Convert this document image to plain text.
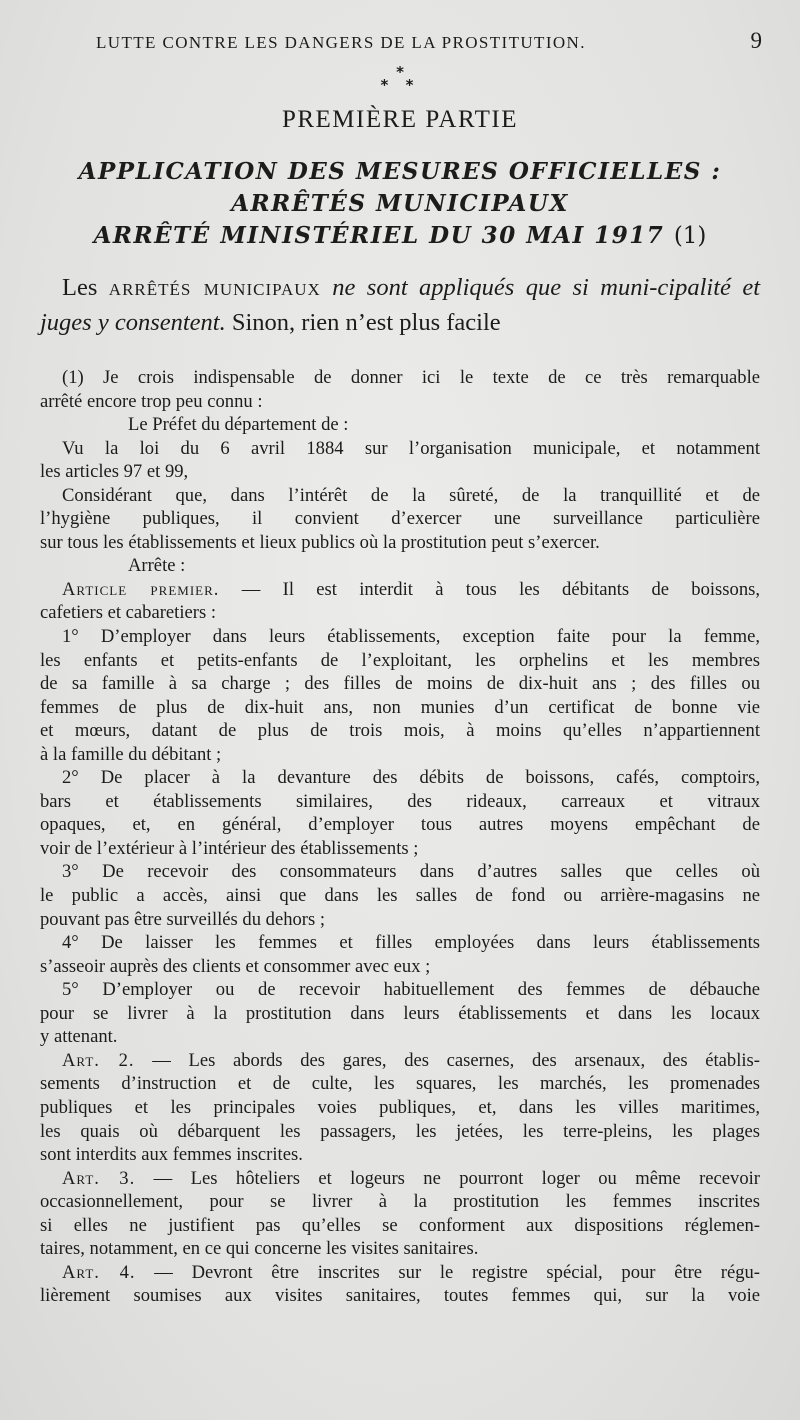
LUTTE CONTRE LES DANGERS DE LA PROSTITUTION.	9
*
* *
PREMIÈRE PARTIE
APPLICATION DES MESURES OFFICIELLES :
ARRÊTÉS MUNICIPAUX
ARRÊTÉ MINISTÉRIEL DU 30 MAI 1917 (1)

Les arrêtés municipaux ne sont appliqués que si muni-cipalité et juges y consentent. Sinon, rien n’est plus facile

(1) Je crois indispensable de donner ici le texte de ce très remarquable
arrêté encore trop peu connu :
Le Préfet du département de :
Vu la loi du 6 avril 1884 sur l’organisation municipale, et notamment
les articles 97 et 99,
Considérant que, dans l’intérêt de la sûreté, de la tranquillité et de
l’hygiène publiques, il convient d’exercer une surveillance particulière
sur tous les établissements et lieux publics où la prostitution peut s’exercer.
Arrête :
Article premier. — Il est interdit à tous les débitants de boissons,
cafetiers et cabaretiers :
1° D’employer dans leurs établissements, exception faite pour la femme,
les enfants et petits-enfants de l’exploitant, les orphelins et les membres
de sa famille à sa charge ; des filles de moins de dix-huit ans ; des filles ou
femmes de plus de dix-huit ans, non munies d’un certificat de bonne vie
et mœurs, datant de plus de trois mois, à moins qu’elles n’appartiennent
à la famille du débitant ;
2° De placer à la devanture des débits de boissons, cafés, comptoirs,
bars et établissements similaires, des rideaux, carreaux et vitraux
opaques, et, en général, d’employer tous autres moyens empêchant de
voir de l’extérieur à l’intérieur des établissements ;
3° De recevoir des consommateurs dans d’autres salles que celles où
le public a accès, ainsi que dans les salles de fond ou arrière-magasins ne
pouvant pas être surveillés du dehors ;
4° De laisser les femmes et filles employées dans leurs établissements
s’asseoir auprès des clients et consommer avec eux ;
5° D’employer ou de recevoir habituellement des femmes de débauche
pour se livrer à la prostitution dans leurs établissements et dans les locaux
y attenant.
Art. 2. — Les abords des gares, des casernes, des arsenaux, des établis-
sements d’instruction et de culte, les squares, les marchés, les promenades
publiques et les principales voies publiques, et, dans les villes maritimes,
les quais où débarquent les passagers, les jetées, les terre-pleins, les plages
sont interdits aux femmes inscrites.
Art. 3. — Les hôteliers et logeurs ne pourront loger ou même recevoir
occasionnellement, pour se livrer à la prostitution les femmes inscrites
si elles ne justifient pas qu’elles se conforment aux dispositions réglemen-
taires, notamment, en ce qui concerne les visites sanitaires.
Art. 4. — Devront être inscrites sur le registre spécial, pour être régu-
lièrement soumises aux visites sanitaires, toutes femmes qui, sur la voie
